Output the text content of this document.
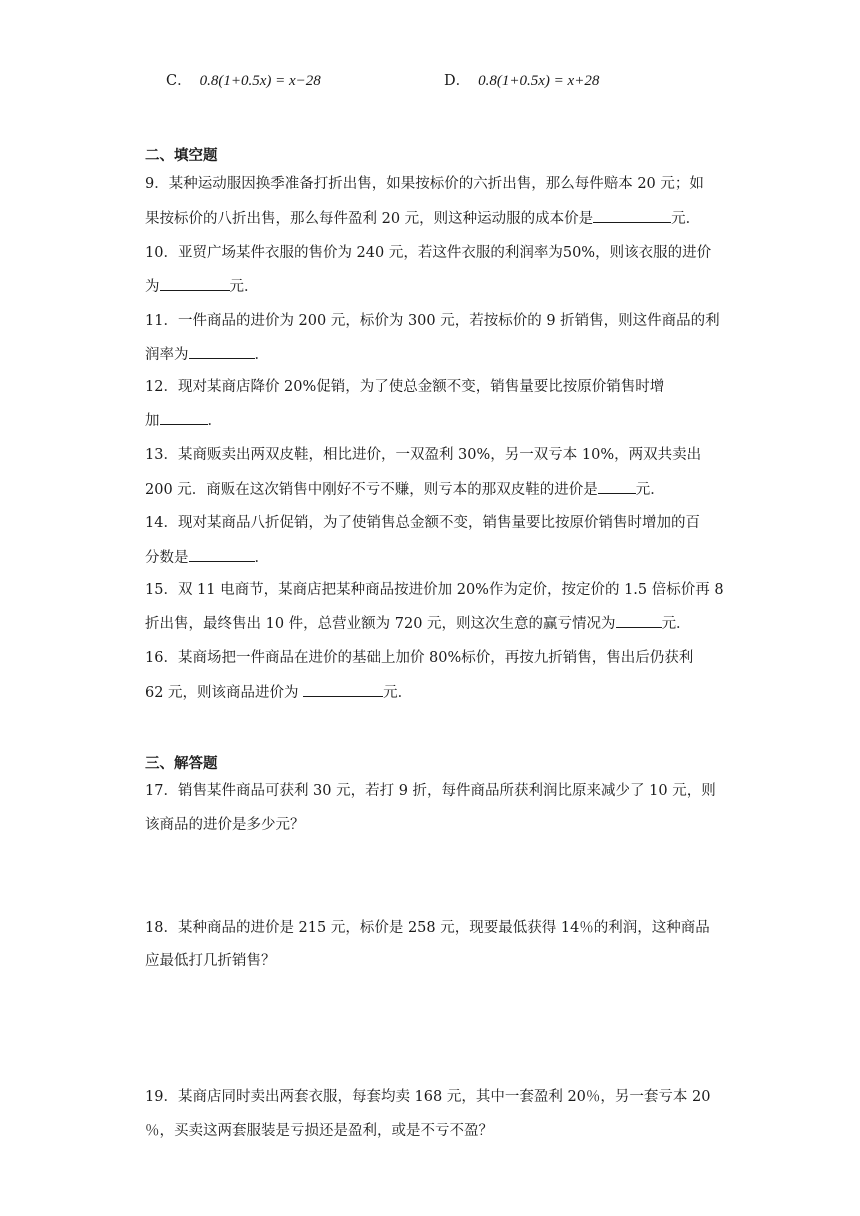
C． 0.8(1+0.5x) = x−28	D． 0.8(1+0.5x) = x+28
二、填空题
9．某种运动服因换季准备打折出售，如果按标价的六折出售，那么每件赔本 20 元；如
果按标价的八折出售，那么每件盈利 20 元，则这种运动服的成本价是	元．
10．亚贸广场某件衣服的售价为 240 元，若这件衣服的利润率为50%，则该衣服的进价
为	元．
11．一件商品的进价为 200 元，标价为 300 元，若按标价的 9 折销售，则这件商品的利
润率为	．
12．现对某商店降价 20%促销，为了使总金额不变，销售量要比按原价销售时增
加	．
13．某商贩卖出两双皮鞋，相比进价，一双盈利 30%，另一双亏本 10%，两双共卖出
200 元．商贩在这次销售中刚好不亏不赚，则亏本的那双皮鞋的进价是	元．
14．现对某商品八折促销，为了使销售总金额不变，销售量要比按原价销售时增加的百
分数是	．
15．双 11 电商节，某商店把某种商品按进价加 20%作为定价，按定价的 1.5 倍标价再 8
折出售，最终售出 10 件，总营业额为 720 元，则这次生意的赢亏情况为	元．
16．某商场把一件商品在进价的基础上加价 80%标价，再按九折销售，售出后仍获利
62 元，则该商品进价为	元．
三、解答题
17．销售某件商品可获利 30 元，若打 9 折，每件商品所获利润比原来减少了 10 元，则
该商品的进价是多少元？
18．某种商品的进价是 215 元，标价是 258 元，现要最低获得 14％的利润，这种商品
应最低打几折销售？
19．某商店同时卖出两套衣服，每套均卖 168 元，其中一套盈利 20％，另一套亏本 20
％，买卖这两套服装是亏损还是盈利，或是不亏不盈？
